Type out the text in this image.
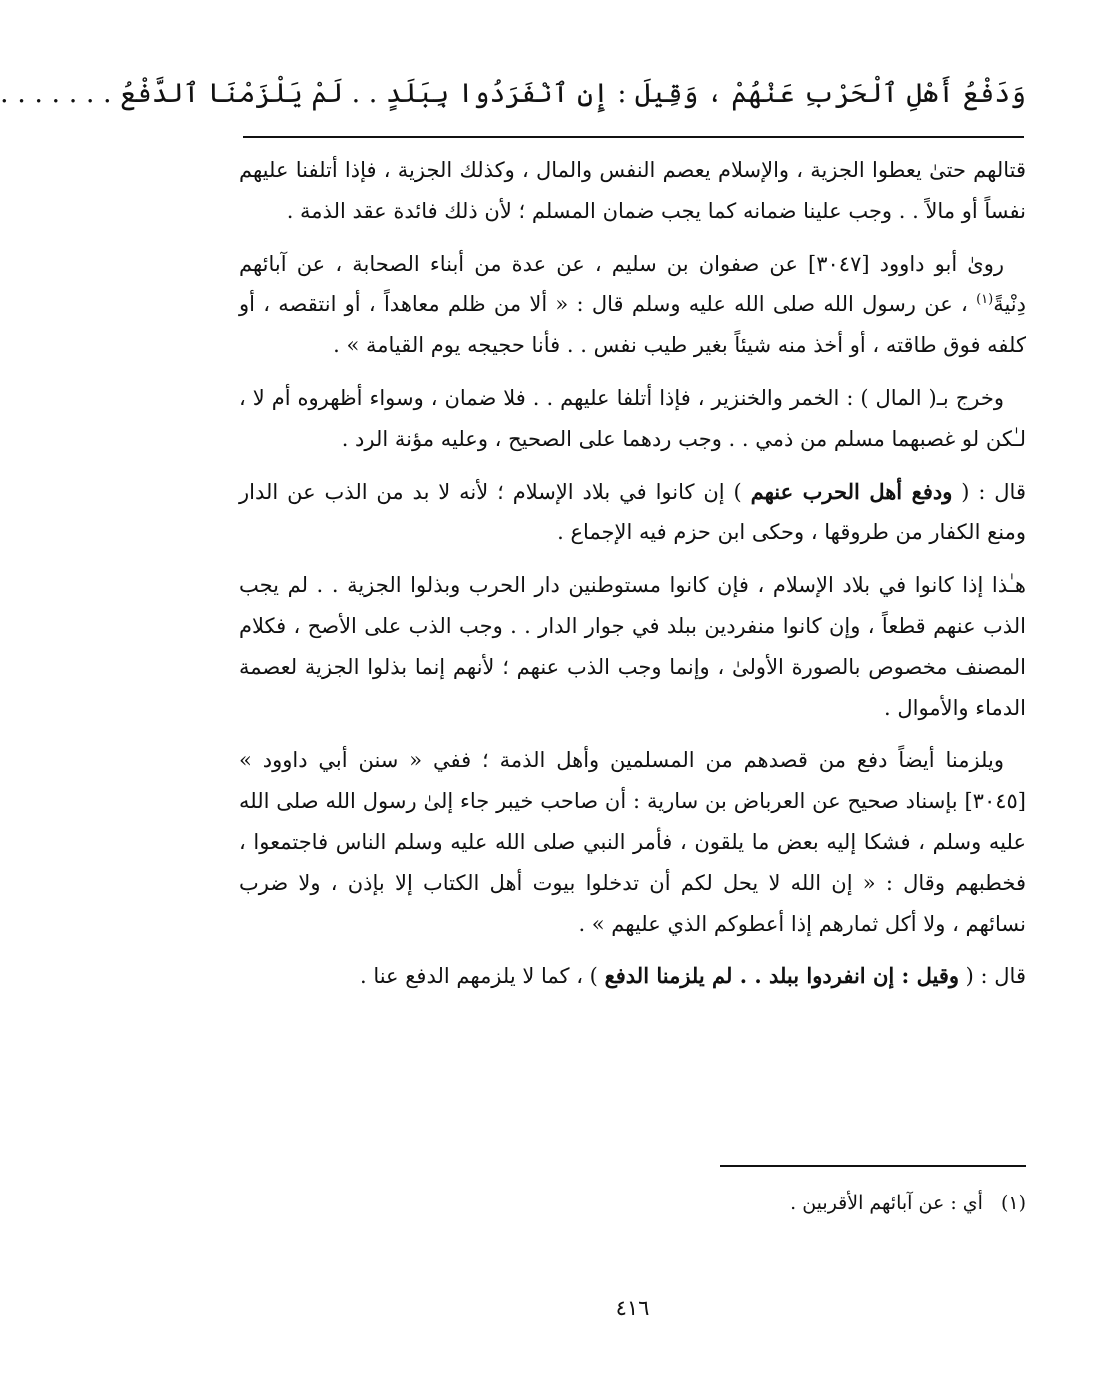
وَدَفْعُ أَهْلِ ٱلْحَرْبِ عَنْهُمْ ، وَقِيلَ : إِنِ ٱنْفَرَدُوا بِبَلَدٍ . . لَمْ يَلْزَمْنَا ٱلدَّفْعُ . . . . . . .

قتالهم حتىٰ يعطوا الجزية ، والإسلام يعصم النفس والمال ، وكذلك الجزية ، فإذا أتلفنا عليهم نفساً أو مالاً . . وجب علينا ضمانه كما يجب ضمان المسلم ؛ لأن ذلك فائدة عقد الذمة .

روىٰ أبو داوود [٣٠٤٧] عن صفوان بن سليم ، عن عدة من أبناء الصحابة ، عن آبائهم دِنْيةً$^{(١)}$ ، عن رسول الله صلى الله عليه وسلم قال : « ألا من ظلم معاهداً ، أو انتقصه ، أو كلفه فوق طاقته ، أو أخذ منه شيئاً بغير طيب نفس . . فأنا حجيجه يوم القيامة » .

وخرج بـ( المال ) : الخمر والخنزير ، فإذا أتلفا عليهم . . فلا ضمان ، وسواء أظهروه أم لا ، لـٰكن لو غصبهما مسلم من ذمي . . وجب ردهما على الصحيح ، وعليه مؤنة الرد .

قال : ( ودفع أهل الحرب عنهم ) إن كانوا في بلاد الإسلام ؛ لأنه لا بد من الذب عن الدار ومنع الكفار من طروقها ، وحكى ابن حزم فيه الإجماع .

هـٰذا إذا كانوا في بلاد الإسلام ، فإن كانوا مستوطنين دار الحرب وبذلوا الجزية . . لم يجب الذب عنهم قطعاً ، وإن كانوا منفردين ببلد في جوار الدار . . وجب الذب على الأصح ، فكلام المصنف مخصوص بالصورة الأولىٰ ، وإنما وجب الذب عنهم ؛ لأنهم إنما بذلوا الجزية لعصمة الدماء والأموال .

ويلزمنا أيضاً دفع من قصدهم من المسلمين وأهل الذمة ؛ ففي « سنن أبي داوود » [٣٠٤٥] بإسناد صحيح عن العرباض بن سارية : أن صاحب خيبر جاء إلىٰ رسول الله صلى الله عليه وسلم ، فشكا إليه بعض ما يلقون ، فأمر النبي صلى الله عليه وسلم الناس فاجتمعوا ، فخطبهم وقال : « إن الله لا يحل لكم أن تدخلوا بيوت أهل الكتاب إلا بإذن ، ولا ضرب نسائهم ، ولا أكل ثمارهم إذا أعطوكم الذي عليهم » .

قال : ( وقيل : إن انفردوا ببلد . . لم يلزمنا الدفع ) ، كما لا يلزمهم الدفع عنا .

(١)أي : عن آبائهم الأقربين .
٤١٦
